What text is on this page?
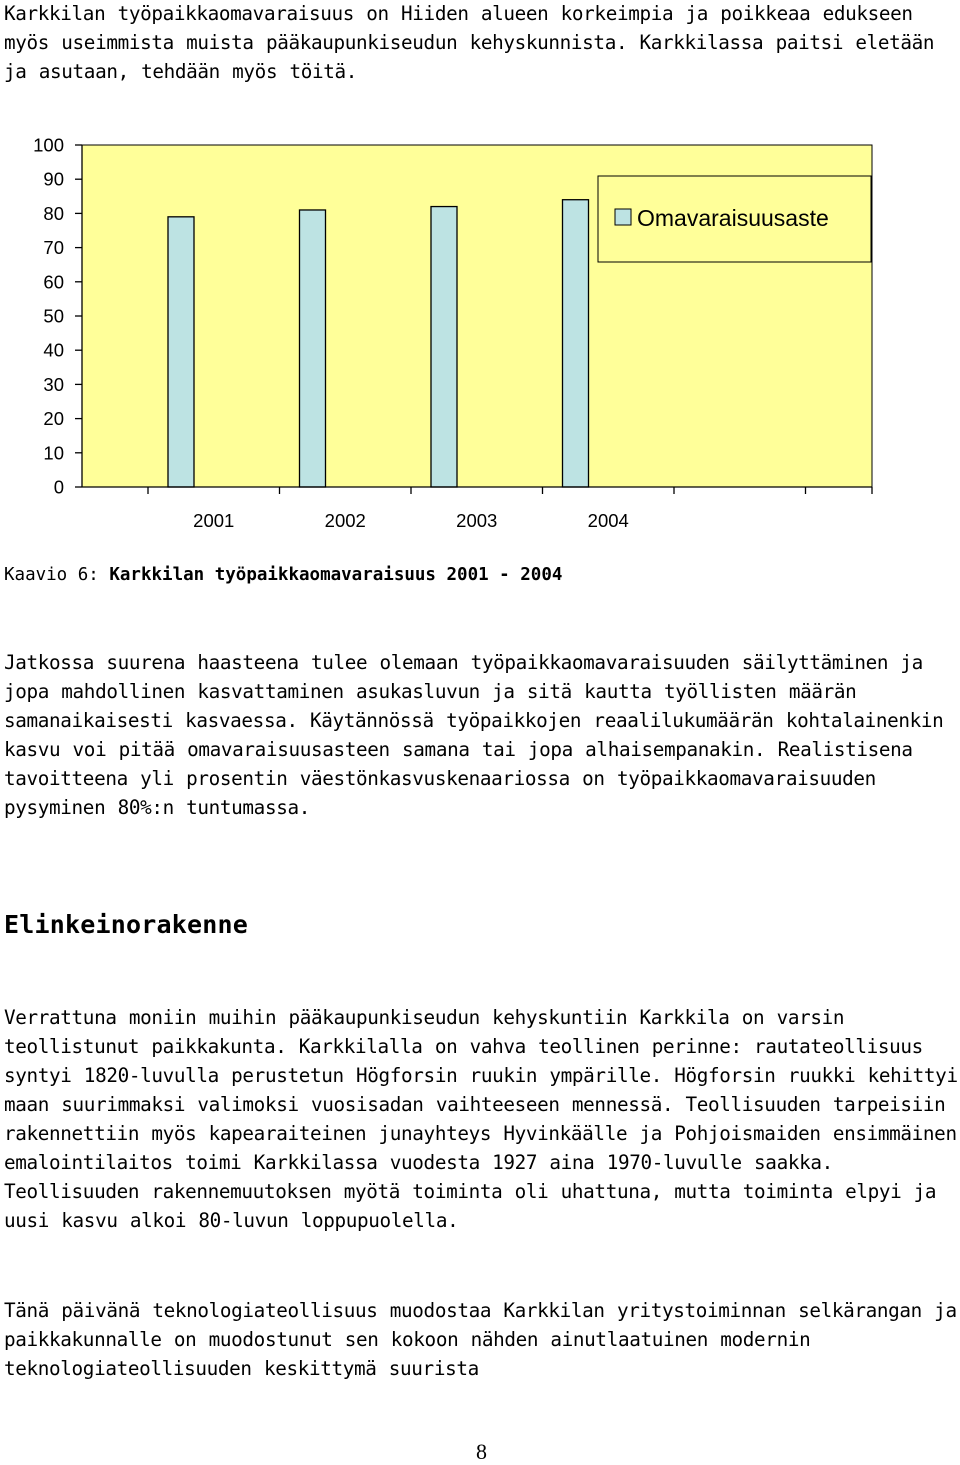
Karkkilan työpaikkaomavaraisuus on Hiiden alueen korkeimpia ja poikkeaa edukseen myös useimmista muista pääkaupunkiseudun kehyskunnista. Karkkilassa paitsi eletään ja asutaan, tehdään myös töitä.

0
10
20
30
40
50
60
70
80
90
100
2001	2002	2003	2004
Omavaraisuusaste
Kaavio 6: Karkkilan työpaikkaomavaraisuus 2001 - 2004

Jatkossa suurena haasteena tulee olemaan työpaikkaomavaraisuuden säilyttäminen ja jopa mahdollinen kasvattaminen asukasluvun ja sitä kautta työllisten määrän samanaikaisesti kasvaessa. Käytännössä työpaikkojen reaalilukumäärän kohtalainenkin kasvu voi pitää omavaraisuusasteen samana tai jopa alhaisempanakin. Realistisena tavoitteena yli prosentin väestönkasvuskenaariossa on työpaikkaomavaraisuuden pysyminen 80%:n tuntumassa.

Elinkeinorakenne

Verrattuna moniin muihin pääkaupunkiseudun kehyskuntiin Karkkila on varsin teollistunut paikkakunta. Karkkilalla on vahva teollinen perinne: rautateollisuus syntyi 1820-luvulla perustetun Högforsin ruukin ympärille. Högforsin ruukki kehittyi maan suurimmaksi valimoksi vuosisadan vaihteeseen mennessä. Teollisuuden tarpeisiin rakennettiin myös kapearaiteinen junayhteys Hyvinkäälle ja Pohjoismaiden ensimmäinen emalointilaitos toimi Karkkilassa vuodesta 1927 aina 1970-luvulle saakka. Teollisuuden rakennemuutoksen myötä toiminta oli uhattuna, mutta toiminta elpyi ja uusi kasvu alkoi 80-luvun loppupuolella.

Tänä päivänä teknologiateollisuus muodostaa Karkkilan yritystoiminnan selkärangan ja paikkakunnalle on muodostunut sen kokoon nähden ainutlaatuinen modernin teknologiateollisuuden keskittymä suurista

8
